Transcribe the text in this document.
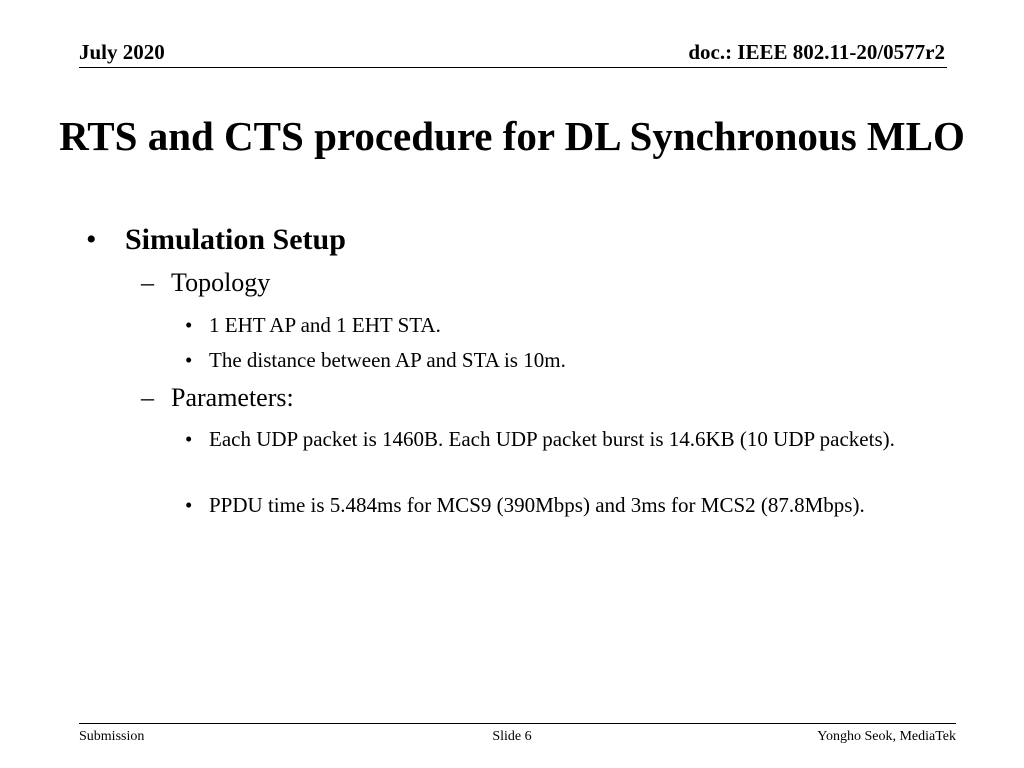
July 2020	doc.: IEEE 802.11-20/0577r2
RTS and CTS procedure for DL Synchronous MLO
• Simulation Setup
– Topology
• 1 EHT AP and 1 EHT STA.
• The distance between AP and STA is 10m.
– Parameters:
• Each UDP packet is 1460B. Each UDP packet burst is 14.6KB (10 UDP packets).
• PPDU time is 5.484ms for MCS9 (390Mbps) and 3ms for MCS2 (87.8Mbps).
Submission	Slide 6	Yongho Seok, MediaTek
